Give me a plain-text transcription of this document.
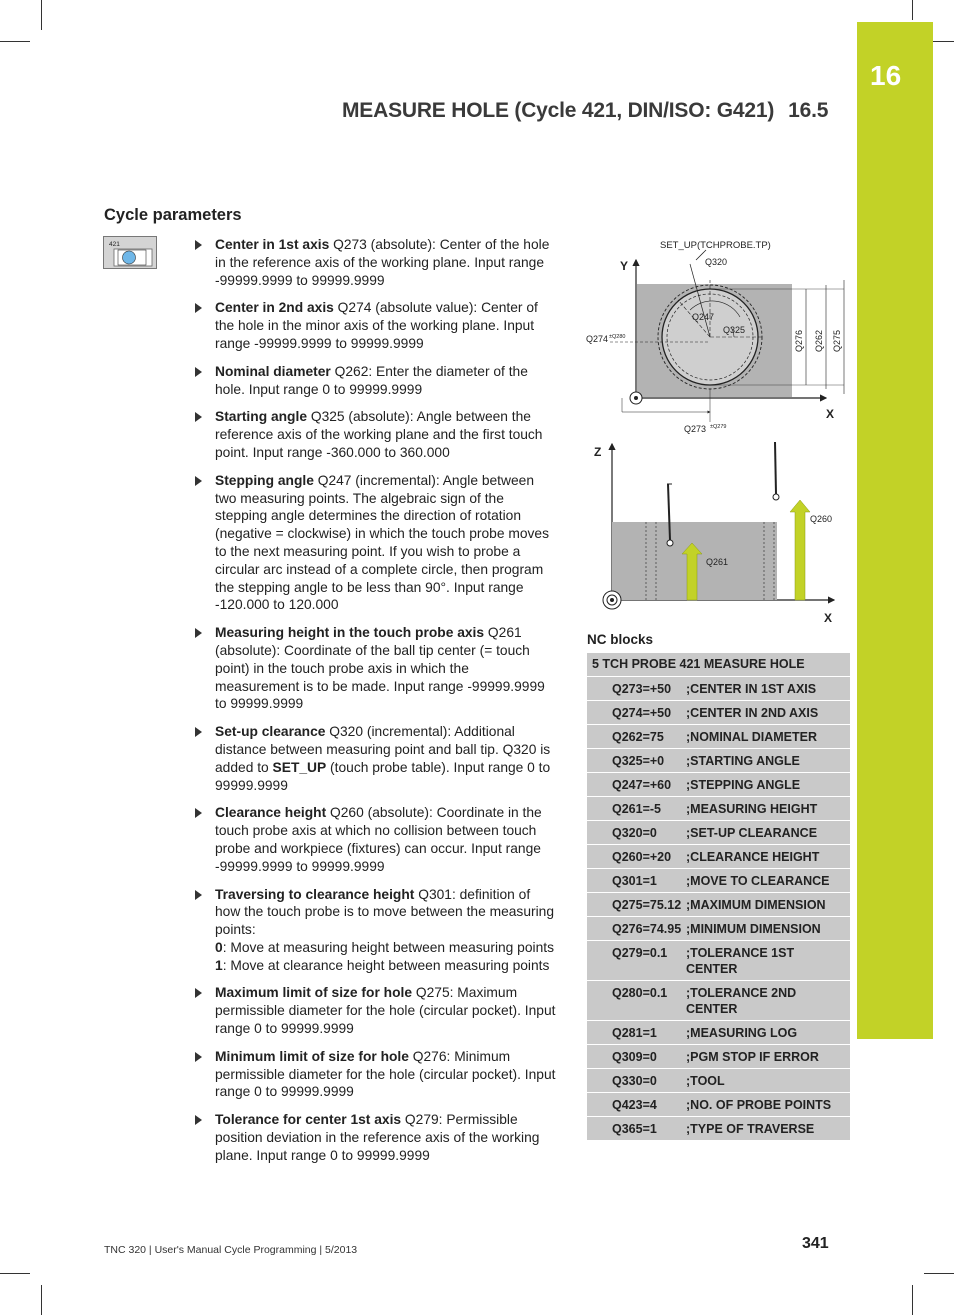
16
MEASURE HOLE (Cycle 421, DIN/ISO: G421) 16.5
Cycle parameters
421	Center in 1st axis Q273 (absolute): Center of the hole in the reference axis of the working plane. Input range -99999.9999 to 99999.9999
Center in 2nd axis Q274 (absolute value): Center of the hole in the minor axis of the working plane. Input range -99999.9999 to 99999.9999
Nominal diameter Q262: Enter the diameter of the hole. Input range 0 to 99999.9999
Starting angle Q325 (absolute): Angle between the reference axis of the working plane and the first touch point. Input range -360.000 to 360.000
Stepping angle Q247 (incremental): Angle between two measuring points. The algebraic sign of the stepping angle determines the direction of rotation (negative = clockwise) in which the touch probe moves to the next measuring point. If you wish to probe a circular arc instead of a complete circle, then program the stepping angle to be less than 90°. Input range -120.000 to 120.000
Measuring height in the touch probe axis Q261 (absolute): Coordinate of the ball tip center (= touch point) in the touch probe axis in which the measurement is to be made. Input range -99999.9999 to 99999.9999
Set-up clearance Q320 (incremental): Additional distance between measuring point and ball tip. Q320 is added to SET_UP (touch probe table). Input range 0 to 99999.9999
Clearance height Q260 (absolute): Coordinate in the touch probe axis at which no collision between touch probe and workpiece (fixtures) can occur. Input range -99999.9999 to 99999.9999
Traversing to clearance height Q301: definition of how the touch probe is to move between the measuring points:
0: Move at measuring height between measuring points
1: Move at clearance height between measuring points
Maximum limit of size for hole Q275: Maximum permissible diameter for the hole (circular pocket). Input range 0 to 99999.9999
Minimum limit of size for hole Q276: Minimum permissible diameter for the hole (circular pocket). Input range 0 to 99999.9999
Tolerance for center 1st axis Q279: Permissible position deviation in the reference axis of the working plane. Input range 0 to 99999.9999
SET_UP(TCHPROBE.TP)
Y
X
Q320
Q247
Q325	Q276 Q262 Q275
Q274 ±Q280
Q273 ±Q279
Z
X
Q261
Q260
NC blocks
5 TCH PROBE 421 MEASURE HOLE
Q273=+50	;CENTER IN 1ST AXIS
Q274=+50	;CENTER IN 2ND AXIS
Q262=75	;NOMINAL DIAMETER
Q325=+0	;STARTING ANGLE
Q247=+60	;STEPPING ANGLE
Q261=-5	;MEASURING HEIGHT
Q320=0	;SET-UP CLEARANCE
Q260=+20	;CLEARANCE HEIGHT
Q301=1	;MOVE TO CLEARANCE
Q275=75.12 ;MAXIMUM DIMENSION
Q276=74.95 ;MINIMUM DIMENSION
Q279=0.1	;TOLERANCE 1ST CENTER
Q280=0.1	;TOLERANCE 2ND CENTER
Q281=1	;MEASURING LOG
Q309=0	;PGM STOP IF ERROR
Q330=0	;TOOL
Q423=4	;NO. OF PROBE POINTS
Q365=1	;TYPE OF TRAVERSE
TNC 320 | User's Manual Cycle Programming | 5/2013	341
